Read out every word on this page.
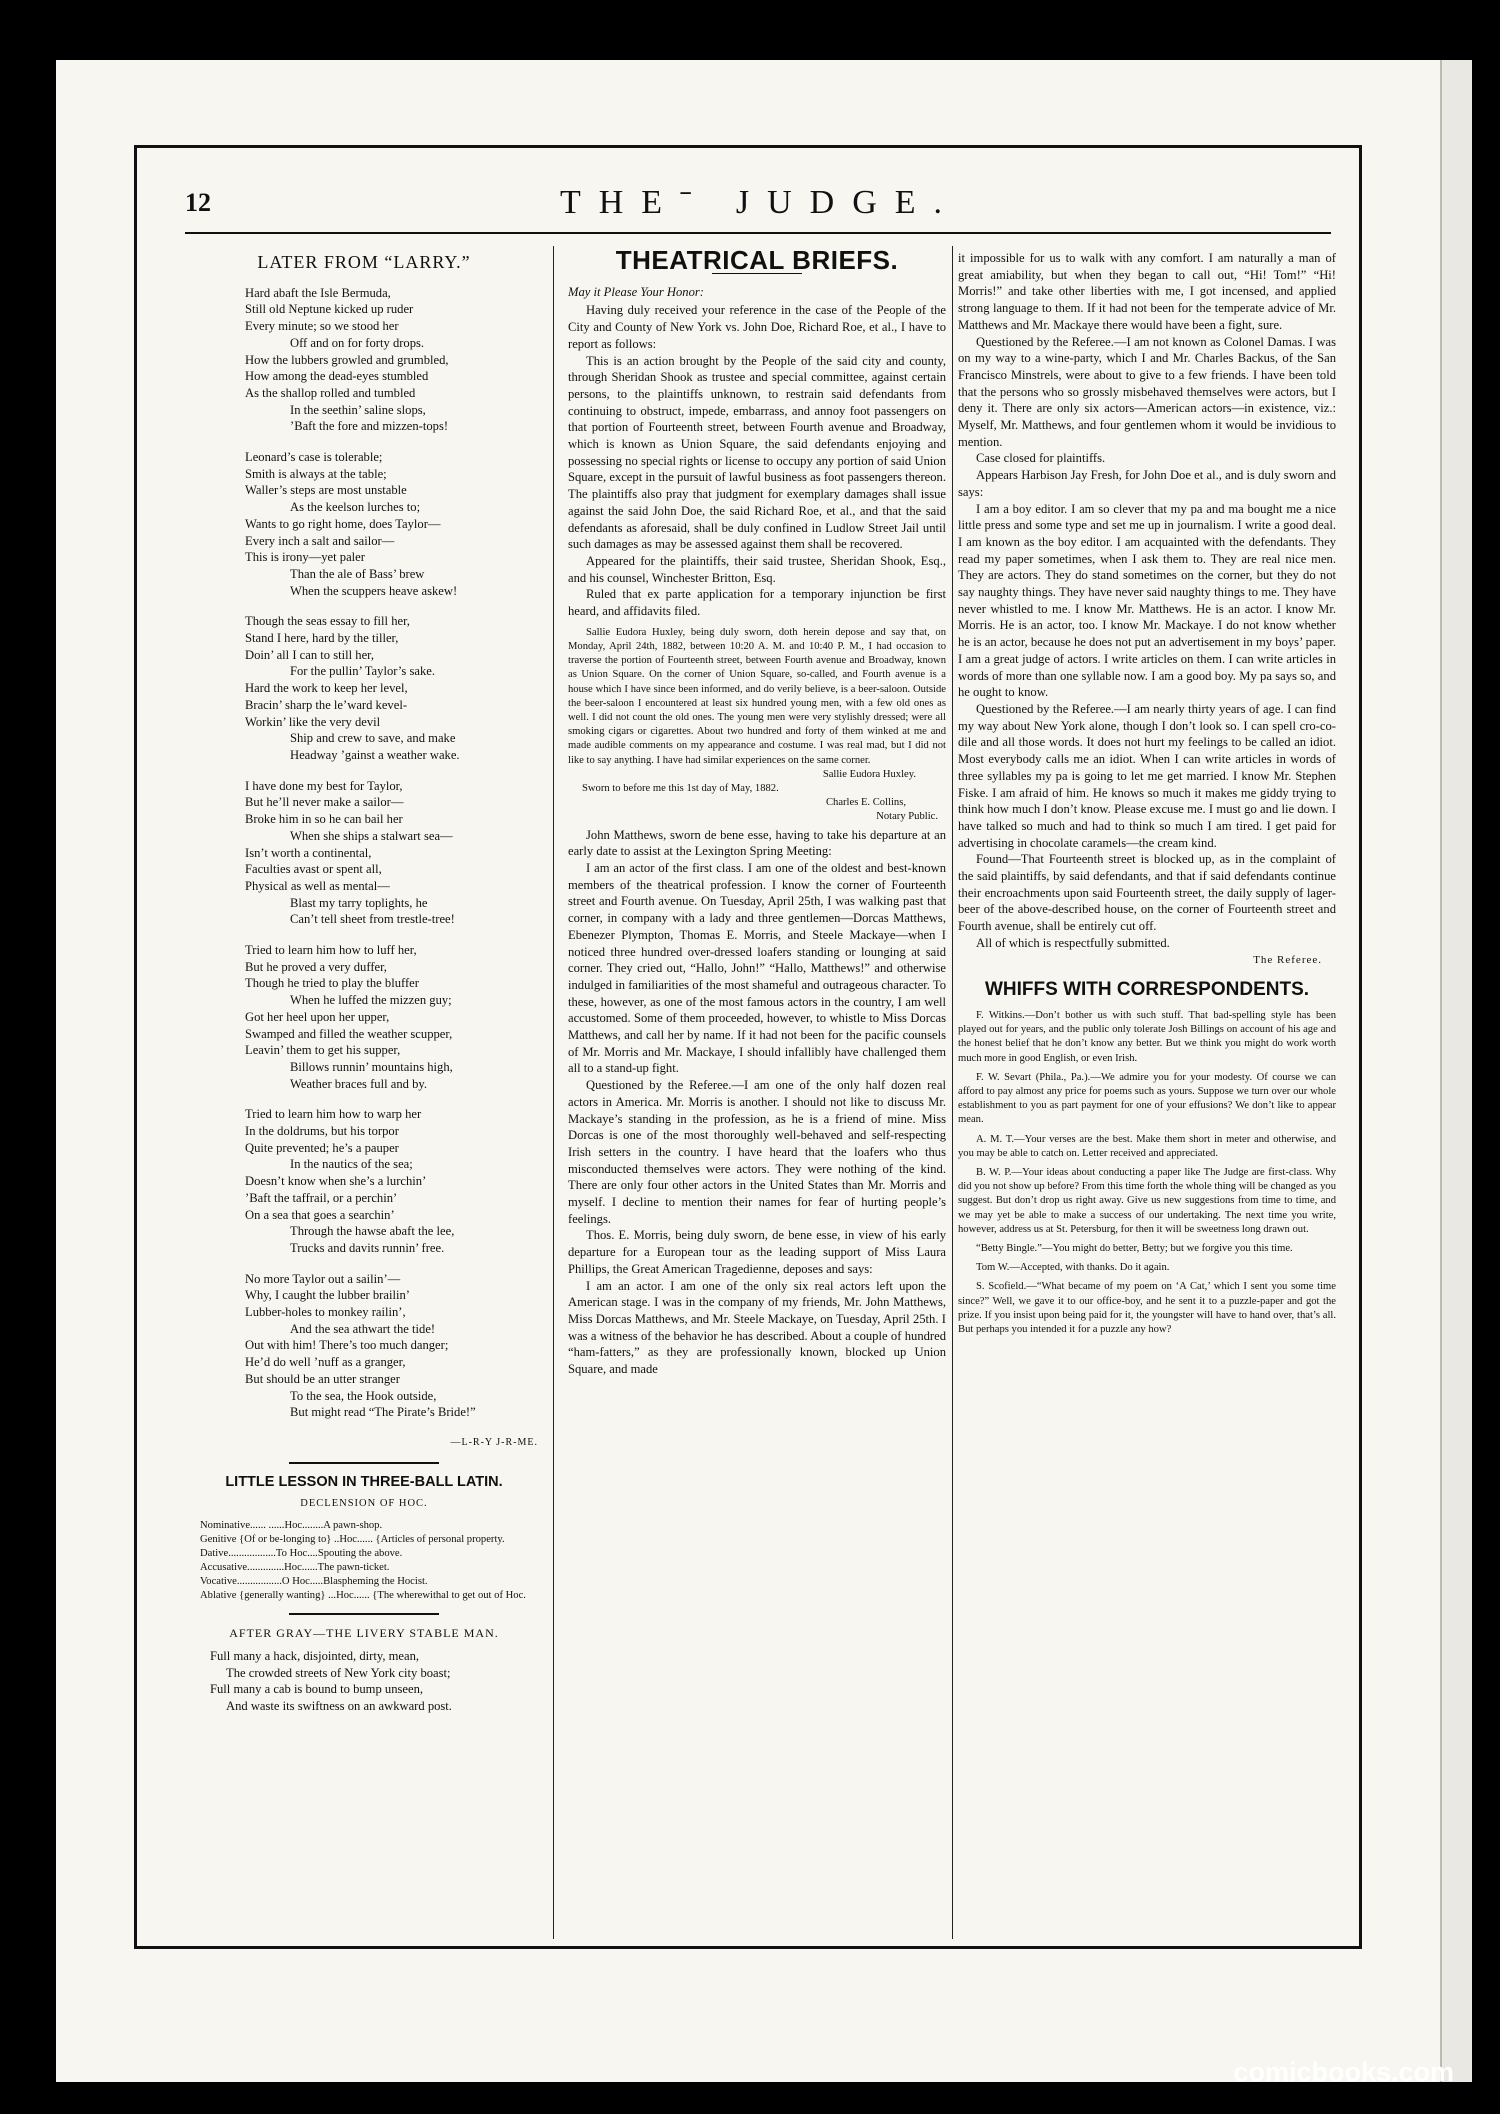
12	THEˉ JUDGE.
LATER FROM “LARRY.”
Hard abaft the Isle Bermuda,
Still old Neptune kicked up ruder
Every minute; so we stood her
Off and on for forty drops.
How the lubbers growled and grumbled,
How among the dead-eyes stumbled
As the shallop rolled and tumbled
In the seethin’ saline slops,
’Baft the fore and mizzen-tops!
Leonard’s case is tolerable;
Smith is always at the table;
Waller’s steps are most unstable
As the keelson lurches to;
Wants to go right home, does Taylor—
Every inch a salt and sailor—
This is irony—yet paler
Than the ale of Bass’ brew
When the scuppers heave askew!
Though the seas essay to fill her,
Stand I here, hard by the tiller,
Doin’ all I can to still her,
For the pullin’ Taylor’s sake.
Hard the work to keep her level,
Bracin’ sharp the le’ward kevel-
Workin’ like the very devil
Ship and crew to save, and make
Headway ’gainst a weather wake.
I have done my best for Taylor,
But he’ll never make a sailor—
Broke him in so he can bail her
When she ships a stalwart sea—
Isn’t worth a continental,
Faculties avast or spent all,
Physical as well as mental—
Blast my tarry toplights, he
Can’t tell sheet from trestle-tree!
Tried to learn him how to luff her,
But he proved a very duffer,
Though he tried to play the bluffer
When he luffed the mizzen guy;
Got her heel upon her upper,
Swamped and filled the weather scupper,
Leavin’ them to get his supper,
Billows runnin’ mountains high,
Weather braces full and by.
Tried to learn him how to warp her
In the doldrums, but his torpor
Quite prevented; he’s a pauper
In the nautics of the sea;
Doesn’t know when she’s a lurchin’
’Baft the taffrail, or a perchin’
On a sea that goes a searchin’
Through the hawse abaft the lee,
Trucks and davits runnin’ free.
No more Taylor out a sailin’—
Why, I caught the lubber brailin’
Lubber-holes to monkey railin’,
And the sea athwart the tide!
Out with him! There’s too much danger;
He’d do well ’nuff as a granger,
But should be an utter stranger
To the sea, the Hook outside,
But might read “The Pirate’s Bride!”
—L-R-Y J-R-ME.
LITTLE LESSON IN THREE-BALL LATIN.
DECLENSION OF HOC.
Nominative...... ......Hoc........A pawn-shop.
Genitive {Of or be-longing to} ..Hoc...... {Articles of personal property.
Dative..................To Hoc....Spouting the above.
Accusative..............Hoc......The pawn-ticket.
Vocative.................O Hoc.....Blaspheming the Hocist.
Ablative {generally wanting} ...Hoc...... {The wherewithal to get out of Hoc.
AFTER GRAY—THE LIVERY STABLE MAN.
Full many a hack, disjointed, dirty, mean,
The crowded streets of New York city boast;
Full many a cab is bound to bump unseen,
And waste its swiftness on an awkward post.
THEATRICAL BRIEFS.
May it Please Your Honor:

Having duly received your reference in the case of the People of the City and County of New York vs. John Doe, Richard Roe, et al., I have to report as follows:

This is an action brought by the People of the said city and county, through Sheridan Shook as trustee and special committee, against certain persons, to the plaintiffs unknown, to restrain said defendants from continuing to obstruct, impede, embarrass, and annoy foot passengers on that portion of Fourteenth street, between Fourth avenue and Broadway, which is known as Union Square, the said defendants enjoying and possessing no special rights or license to occupy any portion of said Union Square, except in the pursuit of lawful business as foot passengers thereon. The plaintiffs also pray that judgment for exemplary damages shall issue against the said John Doe, the said Richard Roe, et al., and that the said defendants as aforesaid, shall be duly confined in Ludlow Street Jail until such damages as may be assessed against them shall be recovered.

Appeared for the plaintiffs, their said trustee, Sheridan Shook, Esq., and his counsel, Winchester Britton, Esq.

Ruled that ex parte application for a temporary injunction be first heard, and affidavits filed.

Sallie Eudora Huxley, being duly sworn, doth herein depose and say that, on Monday, April 24th, 1882, between 10:20 A. M. and 10:40 P. M., I had occasion to traverse the portion of Fourteenth street, between Fourth avenue and Broadway, known as Union Square. On the corner of Union Square, so-called, and Fourth avenue is a house which I have since been informed, and do verily believe, is a beer-saloon. Outside the beer-saloon I encountered at least six hundred young men, with a few old ones as well. I did not count the old ones. The young men were very stylishly dressed; were all smoking cigars or cigarettes. About two hundred and forty of them winked at me and made audible comments on my appearance and costume. I was real mad, but I did not like to say anything. I have had similar experiences on the same corner.

Sallie Eudora Huxley.
Sworn to before me this 1st day of May, 1882.
Charles E. Collins,
Notary Public.

John Matthews, sworn de bene esse, having to take his departure at an early date to assist at the Lexington Spring Meeting:

I am an actor of the first class. I am one of the oldest and best-known members of the theatrical profession. I know the corner of Fourteenth street and Fourth avenue. On Tuesday, April 25th, I was walking past that corner, in company with a lady and three gentlemen—Dorcas Matthews, Ebenezer Plympton, Thomas E. Morris, and Steele Mackaye—when I noticed three hundred over-dressed loafers standing or lounging at said corner. They cried out, “Hallo, John!” “Hallo, Matthews!” and otherwise indulged in familiarities of the most shameful and outrageous character. To these, however, as one of the most famous actors in the country, I am well accustomed. Some of them proceeded, however, to whistle to Miss Dorcas Matthews, and call her by name. If it had not been for the pacific counsels of Mr. Morris and Mr. Mackaye, I should infallibly have challenged them all to a stand-up fight.

Questioned by the Referee.—I am one of the only half dozen real actors in America. Mr. Morris is another. I should not like to discuss Mr. Mackaye’s standing in the profession, as he is a friend of mine. Miss Dorcas is one of the most thoroughly well-behaved and self-respecting Irish setters in the country. I have heard that the loafers who thus misconducted themselves were actors. They were nothing of the kind. There are only four other actors in the United States than Mr. Morris and myself. I decline to mention their names for fear of hurting people’s feelings.

Thos. E. Morris, being duly sworn, de bene esse, in view of his early departure for a European tour as the leading support of Miss Laura Phillips, the Great American Tragedienne, deposes and says:

I am an actor. I am one of the only six real actors left upon the American stage. I was in the company of my friends, Mr. John Matthews, Miss Dorcas Matthews, and Mr. Steele Mackaye, on Tuesday, April 25th. I was a witness of the behavior he has described. About a couple of hundred “ham-fatters,” as they are professionally known, blocked up Union Square, and made

it impossible for us to walk with any comfort. I am naturally a man of great amiability, but when they began to call out, “Hi! Tom!” “Hi! Morris!” and take other liberties with me, I got incensed, and applied strong language to them. If it had not been for the temperate advice of Mr. Matthews and Mr. Mackaye there would have been a fight, sure.

Questioned by the Referee.—I am not known as Colonel Damas. I was on my way to a wine-party, which I and Mr. Charles Backus, of the San Francisco Minstrels, were about to give to a few friends. I have been told that the persons who so grossly misbehaved themselves were actors, but I deny it. There are only six actors—American actors—in existence, viz.: Myself, Mr. Matthews, and four gentlemen whom it would be invidious to mention.

Case closed for plaintiffs.

Appears Harbison Jay Fresh, for John Doe et al., and is duly sworn and says:

I am a boy editor. I am so clever that my pa and ma bought me a nice little press and some type and set me up in journalism. I write a good deal. I am known as the boy editor. I am acquainted with the defendants. They read my paper sometimes, when I ask them to. They are real nice men. They are actors. They do stand sometimes on the corner, but they do not say naughty things. They have never said naughty things to me. They have never whistled to me. I know Mr. Matthews. He is an actor. I know Mr. Morris. He is an actor, too. I know Mr. Mackaye. I do not know whether he is an actor, because he does not put an advertisement in my boys’ paper. I am a great judge of actors. I write articles on them. I can write articles in words of more than one syllable now. I am a good boy. My pa says so, and he ought to know.

Questioned by the Referee.—I am nearly thirty years of age. I can find my way about New York alone, though I don’t look so. I can spell cro-co-dile and all those words. It does not hurt my feelings to be called an idiot. Most everybody calls me an idiot. When I can write articles in words of three syllables my pa is going to let me get married. I know Mr. Stephen Fiske. I am afraid of him. He knows so much it makes me giddy trying to think how much I don’t know. Please excuse me. I must go and lie down. I have talked so much and had to think so much I am tired. I get paid for advertising in chocolate caramels—the cream kind.

Found—That Fourteenth street is blocked up, as in the complaint of the said plaintiffs, by said defendants, and that if said defendants continue their encroachments upon said Fourteenth street, the daily supply of lager-beer of the above-described house, on the corner of Fourteenth street and Fourth avenue, shall be entirely cut off.

All of which is respectfully submitted.

The Referee.
WHIFFS WITH CORRESPONDENTS.

F. Witkins.—Don’t bother us with such stuff. That bad-spelling style has been played out for years, and the public only tolerate Josh Billings on account of his age and the honest belief that he don’t know any better. But we think you might do work worth much more in good English, or even Irish.

F. W. Sevart (Phila., Pa.).—We admire you for your modesty. Of course we can afford to pay almost any price for poems such as yours. Suppose we turn over our whole establishment to you as part payment for one of your effusions? We don’t like to appear mean.

A. M. T.—Your verses are the best. Make them short in meter and otherwise, and you may be able to catch on. Letter received and appreciated.

B. W. P.—Your ideas about conducting a paper like The Judge are first-class. Why did you not show up before? From this time forth the whole thing will be changed as you suggest. But don’t drop us right away. Give us new suggestions from time to time, and we may yet be able to make a success of our undertaking. The next time you write, however, address us at St. Petersburg, for then it will be sweetness long drawn out.

“Betty Bingle.”—You might do better, Betty; but we forgive you this time.

Tom W.—Accepted, with thanks. Do it again.

S. Scofield.—“What became of my poem on ‘A Cat,’ which I sent you some time since?” Well, we gave it to our office-boy, and he sent it to a puzzle-paper and got the prize. If you insist upon being paid for it, the youngster will have to hand over, that’s all. But perhaps you intended it for a puzzle any how?

comicbooks.com
